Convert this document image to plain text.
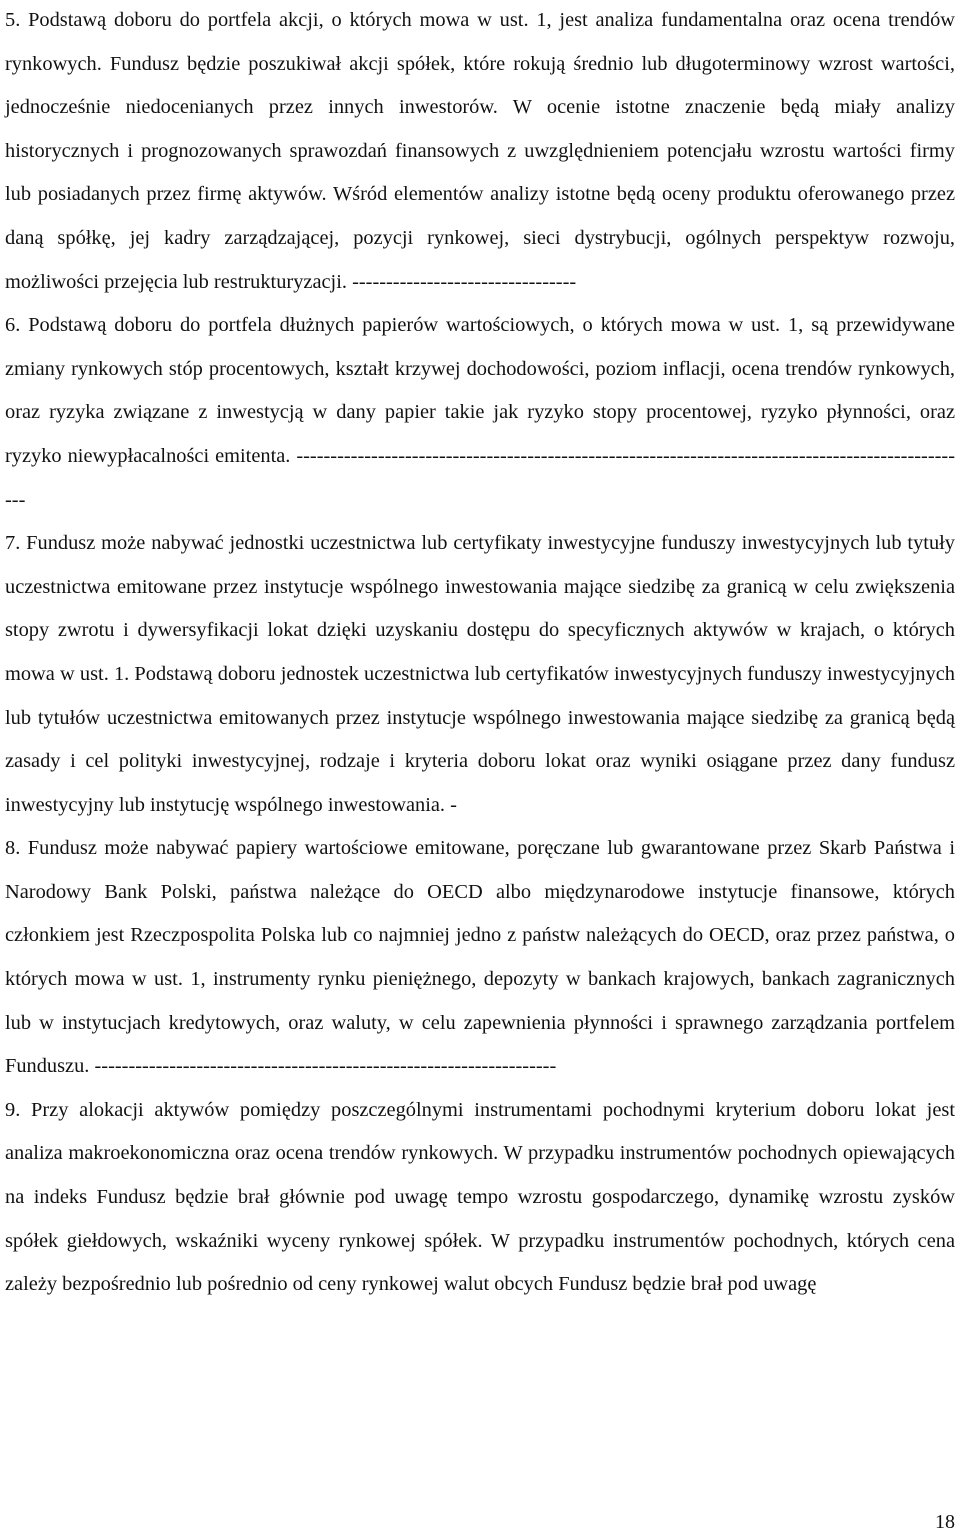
5. Podstawą doboru do portfela akcji, o których mowa w ust. 1, jest analiza fundamentalna oraz ocena trendów rynkowych. Fundusz będzie poszukiwał akcji spółek, które rokują średnio lub długoterminowy wzrost wartości, jednocześnie niedocenianych przez innych inwestorów. W ocenie istotne znaczenie będą miały analizy historycznych i prognozowanych sprawozdań finansowych z uwzględnieniem potencjału wzrostu wartości firmy lub posiadanych przez firmę aktywów. Wśród elementów analizy istotne będą oceny produktu oferowanego przez daną spółkę, jej kadry zarządzającej, pozycji rynkowej, sieci dystrybucji, ogólnych perspektyw rozwoju, możliwości przejęcia lub restrukturyzacji. ---------------------------------

6. Podstawą doboru do portfela dłużnych papierów wartościowych, o których mowa w ust. 1, są przewidywane zmiany rynkowych stóp procentowych, kształt krzywej dochodowości, poziom inflacji, ocena trendów rynkowych, oraz ryzyka związane z inwestycją w dany papier takie jak ryzyko stopy procentowej, ryzyko płynności, oraz ryzyko niewypłacalności emitenta. ----------------------------------------------------------------------------------------------------

7. Fundusz może nabywać jednostki uczestnictwa lub certyfikaty inwestycyjne funduszy inwestycyjnych lub tytuły uczestnictwa emitowane przez instytucje wspólnego inwestowania mające siedzibę za granicą w celu zwiększenia stopy zwrotu i dywersyfikacji lokat dzięki uzyskaniu dostępu do specyficznych aktywów w krajach, o których mowa w ust. 1. Podstawą doboru jednostek uczestnictwa lub certyfikatów inwestycyjnych funduszy inwestycyjnych lub tytułów uczestnictwa emitowanych przez instytucje wspólnego inwestowania mające siedzibę za granicą będą zasady i cel polityki inwestycyjnej, rodzaje i kryteria doboru lokat oraz wyniki osiągane przez dany fundusz inwestycyjny lub instytucję wspólnego inwestowania. -

8. Fundusz może nabywać papiery wartościowe emitowane, poręczane lub gwarantowane przez Skarb Państwa i Narodowy Bank Polski, państwa należące do OECD albo międzynarodowe instytucje finansowe, których członkiem jest Rzeczpospolita Polska lub co najmniej jedno z państw należących do OECD, oraz przez państwa, o których mowa w ust. 1, instrumenty rynku pieniężnego, depozyty w bankach krajowych, bankach zagranicznych lub w instytucjach kredytowych, oraz waluty, w celu zapewnienia płynności i sprawnego zarządzania portfelem Funduszu. --------------------------------------------------------------------

9. Przy alokacji aktywów pomiędzy poszczególnymi instrumentami pochodnymi kryterium doboru lokat jest analiza makroekonomiczna oraz ocena trendów rynkowych. W przypadku instrumentów pochodnych opiewających na indeks Fundusz będzie brał głównie pod uwagę tempo wzrostu gospodarczego, dynamikę wzrostu zysków spółek giełdowych, wskaźniki wyceny rynkowej spółek. W przypadku instrumentów pochodnych, których cena zależy bezpośrednio lub pośrednio od ceny rynkowej walut obcych Fundusz będzie brał pod uwagę

18
